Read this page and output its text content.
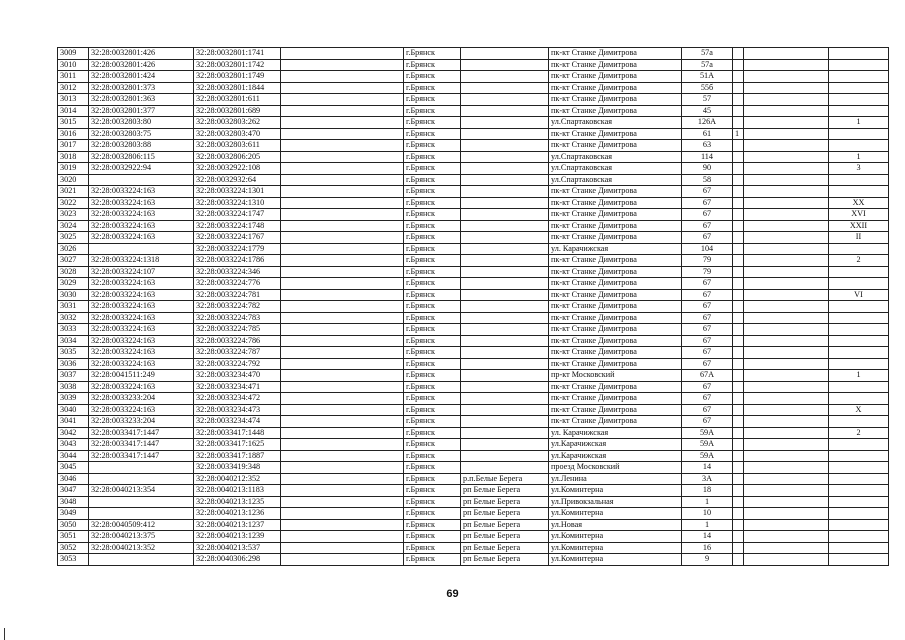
3009	32:28:0032801:426	32:28:0032801:1741		г.Брянск		пк-кт Станке Димитрова	57а			
3010	32:28:0032801:426	32:28:0032801:1742		г.Брянск		пк-кт Станке Димитрова	57а			
3011	32:28:0032801:424	32:28:0032801:1749		г.Брянск		пк-кт Станке Димитрова	51А			
3012	32:28:0032801:373	32:28:0032801:1844		г.Брянск		пк-кт Станке Димитрова	55б			
3013	32:28:0032801:363	32:28:0032801:611		г.Брянск		пк-кт Станке Димитрова	57			
3014	32:28:0032801:377	32:28:0032801:689		г.Брянск		пк-кт Станке Димитрова	45			
3015	32:28:0032803:80	32:28:0032803:262		г.Брянск		ул.Спартаковская	126А			1
3016	32:28:0032803:75	32:28:0032803:470		г.Брянск		пк-кт Станке Димитрова	61	1		
3017	32:28:0032803:88	32:28:0032803:611		г.Брянск		пк-кт Станке Димитрова	63			
3018	32:28:0032806:115	32:28:0032806:205		г.Брянск		ул.Спартаковская	114			1
3019	32:28:0032922:94	32:28:0032922:108		г.Брянск		ул.Спартаковская	90			3
3020		32:28:0032932:64		г.Брянск		ул.Спартаковская	58			
3021	32:28:0033224:163	32:28:0033224:1301		г.Брянск		пк-кт Станке Димитрова	67			
3022	32:28:0033224:163	32:28:0033224:1310		г.Брянск		пк-кт Станке Димитрова	67			XX
3023	32:28:0033224:163	32:28:0033224:1747		г.Брянск		пк-кт Станке Димитрова	67			XVI
3024	32:28:0033224:163	32:28:0033224:1748		г.Брянск		пк-кт Станке Димитрова	67			XXII
3025	32:28:0033224:163	32:28:0033224:1767		г.Брянск		пк-кт Станке Димитрова	67			II
3026		32:28:0033224:1779		г.Брянск		ул. Карачижская	104			
3027	32:28:0033224:1318	32:28:0033224:1786		г.Брянск		пк-кт Станке Димитрова	79			2
3028	32:28:0033224:107	32:28:0033224:346		г.Брянск		пк-кт Станке Димитрова	79			
3029	32:28:0033224:163	32:28:0033224:776		г.Брянск		пк-кт Станке Димитрова	67			
3030	32:28:0033224:163	32:28:0033224:781		г.Брянск		пк-кт Станке Димитрова	67			VI
3031	32:28:0033224:163	32:28:0033224:782		г.Брянск		пк-кт Станке Димитрова	67			
3032	32:28:0033224:163	32:28:0033224:783		г.Брянск		пк-кт Станке Димитрова	67			
3033	32:28:0033224:163	32:28:0033224:785		г.Брянск		пк-кт Станке Димитрова	67			
3034	32:28:0033224:163	32:28:0033224:786		г.Брянск		пк-кт Станке Димитрова	67			
3035	32:28:0033224:163	32:28:0033224:787		г.Брянск		пк-кт Станке Димитрова	67			
3036	32:28:0033224:163	32:28:0033224:792		г.Брянск		пк-кт Станке Димитрова	67			
3037	32:28:0041511:249	32:28:0033234:470		г.Брянск		пр-кт Московский	67А			1
3038	32:28:0033224:163	32:28:0033234:471		г.Брянск		пк-кт Станке Димитрова	67			
3039	32:28:0033233:204	32:28:0033234:472		г.Брянск		пк-кт Станке Димитрова	67			
3040	32:28:0033224:163	32:28:0033234:473		г.Брянск		пк-кт Станке Димитрова	67			X
3041	32:28:0033233:204	32:28:0033234:474		г.Брянск		пк-кт Станке Димитрова	67			
3042	32:28:0033417:1447	32:28:0033417:1448		г.Брянск		ул. Карачижская	59А			2
3043	32:28:0033417:1447	32:28:0033417:1625		г.Брянск		ул.Карачижская	59А			
3044	32:28:0033417:1447	32:28:0033417:1887		г.Брянск		ул.Карачижская	59А			
3045		32:28:0033419:348		г.Брянск		проезд Московский	14			
3046		32:28:0040212:352		г.Брянск	р.п.Белые Берега	ул.Ленина	3А			
3047	32:28:0040213:354	32:28:0040213:1183		г.Брянск	рп Белые Берега	ул.Коминтерна	18			
3048		32:28:0040213:1235		г.Брянск	рп Белые Берега	ул.Привокзальная	1			
3049		32:28:0040213:1236		г.Брянск	рп Белые Берега	ул.Коминтерна	10			
3050	32:28:0040509:412	32:28:0040213:1237		г.Брянск	рп Белые Берега	ул.Новая	1			
3051	32:28:0040213:375	32:28:0040213:1239		г.Брянск	рп Белые Берега	ул.Коминтерна	14			
3052	32:28:0040213:352	32:28:0040213:537		г.Брянск	рп Белые Берега	ул.Коминтерна	16			
3053		32:28:0040306:298		г.Брянск	рп Белые Берега	ул.Коминтерна	9			
69
